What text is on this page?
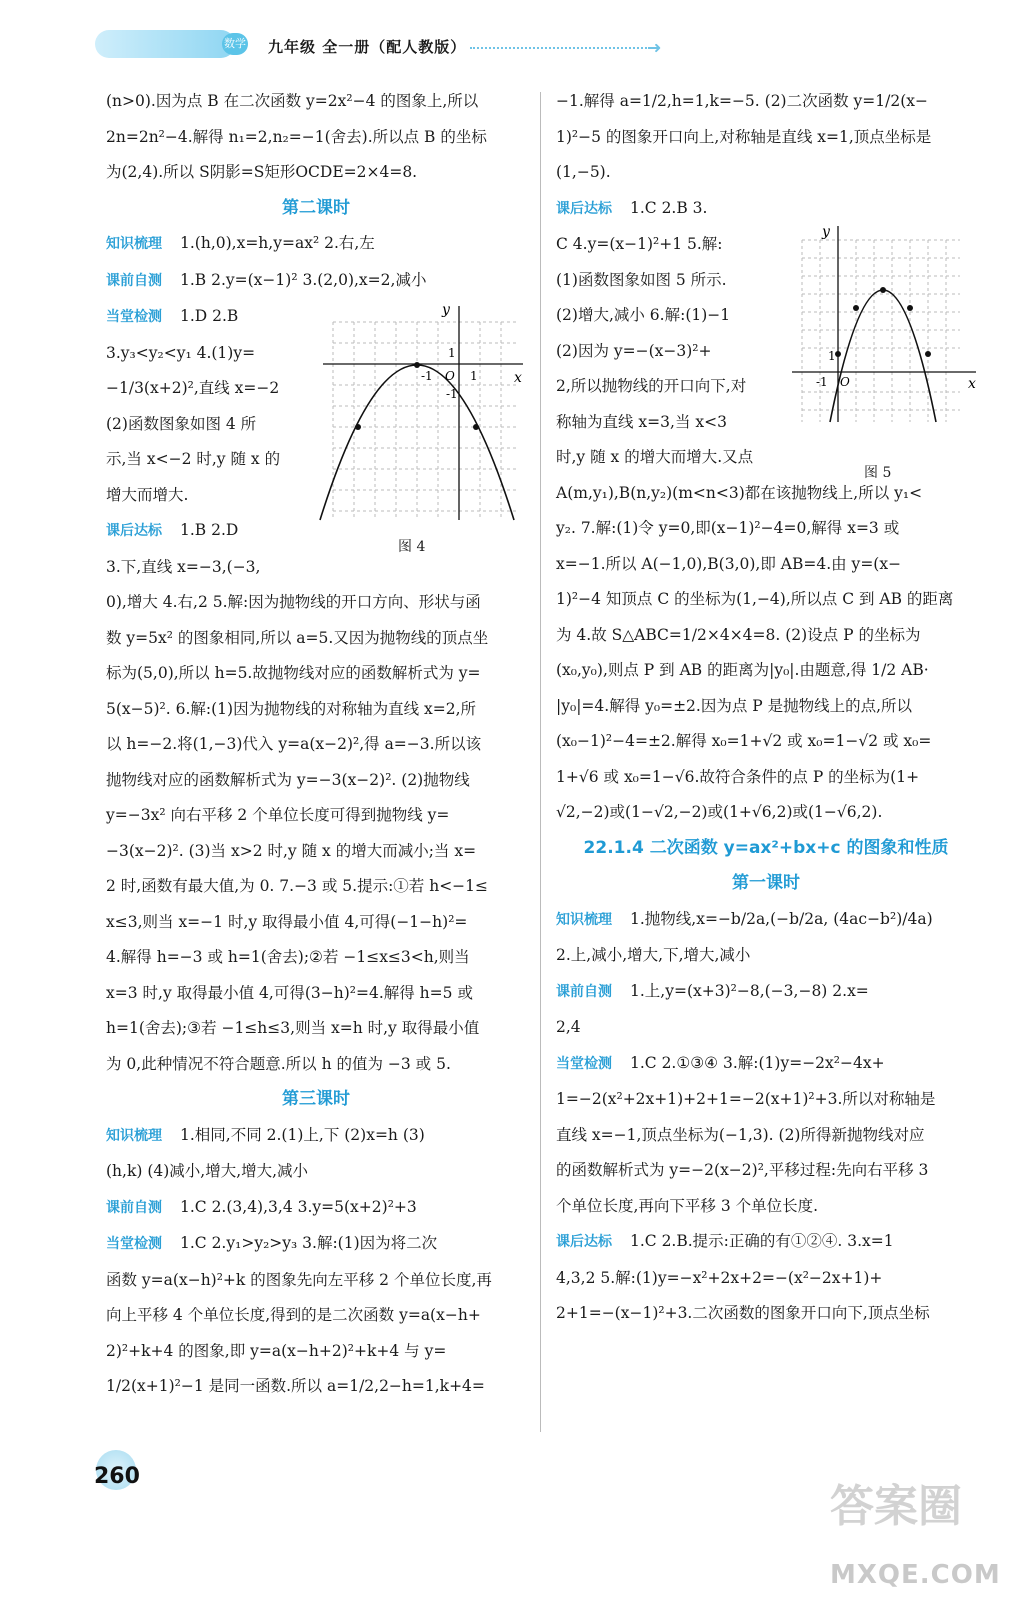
数学 九年级 全一册（配人教版）	➜

(n>0).因为点 B 在二次函数 y=2x²−4 的图象上,所以

2n=2n²−4.解得 n₁=2,n₂=−1(舍去).所以点 B 的坐标

为(2,4).所以 S阴影=S矩形OCDE=2×4=8.

第二课时

知识梳理 1.(h,0),x=h,y=ax² 2.右,左

课前自测 1.B 2.y=(x−1)² 3.(2,0),x=2,减小

当堂检测 1.D 2.B

3.y₃<y₂<y₁ 4.(1)y=

−1/3(x+2)²,直线 x=−2

(2)函数图象如图 4 所

示,当 x<−2 时,y 随 x 的

增大而增大.

课后达标 1.B 2.D

3.下,直线 x=−3,(−3,

0),增大 4.右,2 5.解:因为抛物线的开口方向、形状与函

数 y=5x² 的图象相同,所以 a=5.又因为抛物线的顶点坐

标为(5,0),所以 h=5.故抛物线对应的函数解析式为 y=

5(x−5)². 6.解:(1)因为抛物线的对称轴为直线 x=2,所

以 h=−2.将(1,−3)代入 y=a(x−2)²,得 a=−3.所以该

抛物线对应的函数解析式为 y=−3(x−2)². (2)抛物线

y=−3x² 向右平移 2 个单位长度可得到抛物线 y=

−3(x−2)². (3)当 x>2 时,y 随 x 的增大而减小;当 x=

2 时,函数有最大值,为 0. 7.−3 或 5.提示:①若 h<−1≤

x≤3,则当 x=−1 时,y 取得最小值 4,可得(−1−h)²=

4.解得 h=−3 或 h=1(舍去);②若 −1≤x≤3<h,则当

x=3 时,y 取得最小值 4,可得(3−h)²=4.解得 h=5 或

h=1(舍去);③若 −1≤h≤3,则当 x=h 时,y 取得最小值

为 0,此种情况不符合题意.所以 h 的值为 −3 或 5.

第三课时

知识梳理 1.相同,不同 2.(1)上,下 (2)x=h (3)

(h,k) (4)减小,增大,增大,减小

课前自测 1.C 2.(3,4),3,4 3.y=5(x+2)²+3

当堂检测 1.C 2.y₁>y₂>y₃ 3.解:(1)因为将二次

函数 y=a(x−h)²+k 的图象先向左平移 2 个单位长度,再

向上平移 4 个单位长度,得到的是二次函数 y=a(x−h+

2)²+k+4 的图象,即 y=a(x−h+2)²+k+4 与 y=

1/2(x+1)²−1 是同一函数.所以 a=1/2,2−h=1,k+4=

y
x
O
1
-1	1
-1
图 4

−1.解得 a=1/2,h=1,k=−5. (2)二次函数 y=1/2(x−

1)²−5 的图象开口向上,对称轴是直线 x=1,顶点坐标是

(1,−5).

课后达标 1.C 2.B 3.

C 4.y=(x−1)²+1 5.解:

(1)函数图象如图 5 所示.

(2)增大,减小 6.解:(1)−1

(2)因为 y=−(x−3)²+

2,所以抛物线的开口向下,对

称轴为直线 x=3,当 x<3

时,y 随 x 的增大而增大.又点

A(m,y₁),B(n,y₂)(m<n<3)都在该抛物线上,所以 y₁<

y₂. 7.解:(1)令 y=0,即(x−1)²−4=0,解得 x=3 或

x=−1.所以 A(−1,0),B(3,0),即 AB=4.由 y=(x−

1)²−4 知顶点 C 的坐标为(1,−4),所以点 C 到 AB 的距离

为 4.故 S△ABC=1/2×4×4=8. (2)设点 P 的坐标为

(x₀,y₀),则点 P 到 AB 的距离为|y₀|.由题意,得 1/2 AB·

|y₀|=4.解得 y₀=±2.因为点 P 是抛物线上的点,所以

(x₀−1)²−4=±2.解得 x₀=1+√2 或 x₀=1−√2 或 x₀=

1+√6 或 x₀=1−√6.故符合条件的点 P 的坐标为(1+

√2,−2)或(1−√2,−2)或(1+√6,2)或(1−√6,2).

22.1.4 二次函数 y=ax²+bx+c 的图象和性质

第一课时

知识梳理 1.抛物线,x=−b/2a,(−b/2a, (4ac−b²)/4a)

2.上,减小,增大,下,增大,减小

课前自测 1.上,y=(x+3)²−8,(−3,−8) 2.x=

2,4

当堂检测 1.C 2.①③④ 3.解:(1)y=−2x²−4x+

1=−2(x²+2x+1)+2+1=−2(x+1)²+3.所以对称轴是

直线 x=−1,顶点坐标为(−1,3). (2)所得新抛物线对应

的函数解析式为 y=−2(x−2)²,平移过程:先向右平移 3

个单位长度,再向下平移 3 个单位长度.

课后达标 1.C 2.B.提示:正确的有①②④. 3.x=1

4,3,2 5.解:(1)y=−x²+2x+2=−(x²−2x+1)+

2+1=−(x−1)²+3.二次函数的图象开口向下,顶点坐标

y
x
O
1
-1
图 5
260
答案圈
MXQE.COM
